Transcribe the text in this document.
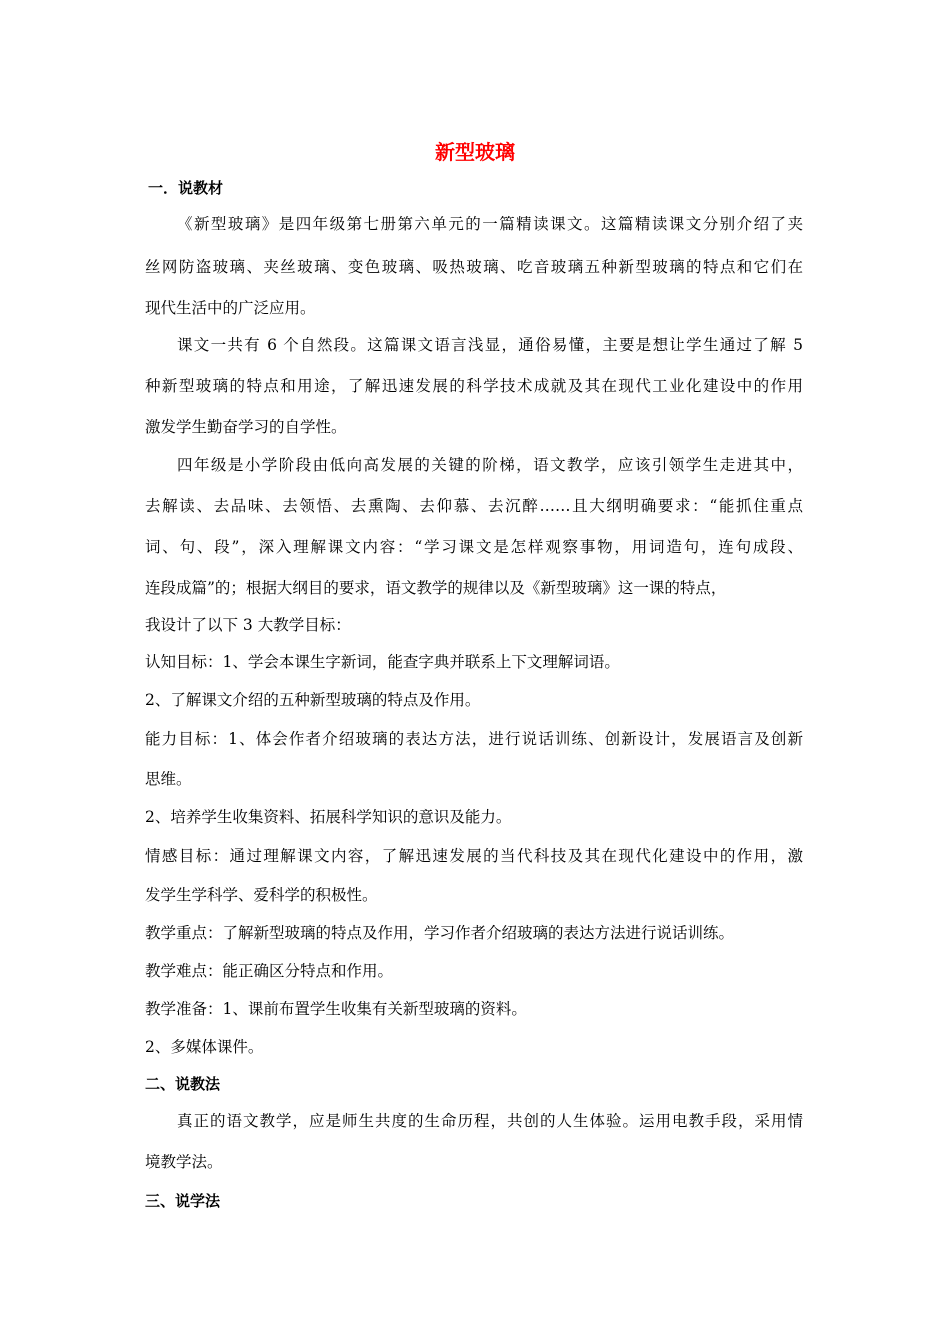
新型玻璃
一．说教材
《新型玻璃》是四年级第七册第六单元的一篇精读课文。这篇精读课文分别介绍了夹
丝网防盗玻璃、夹丝玻璃、变色玻璃、吸热玻璃、吃音玻璃五种新型玻璃的特点和它们在
现代生活中的广泛应用。
课文一共有 6 个自然段。这篇课文语言浅显，通俗易懂，主要是想让学生通过了解 5
种新型玻璃的特点和用途，了解迅速发展的科学技术成就及其在现代工业化建设中的作用
激发学生勤奋学习的自学性。
四年级是小学阶段由低向高发展的关键的阶梯，语文教学，应该引领学生走进其中，
去解读、去品味、去领悟、去熏陶、去仰慕、去沉醉……且大纲明确要求：“能抓住重点
词、句、段”，深入理解课文内容：“学习课文是怎样观察事物，用词造句，连句成段、
连段成篇”的；根据大纲目的要求，语文教学的规律以及《新型玻璃》这一课的特点，
我设计了以下 3 大教学目标：
认知目标：1、学会本课生字新词，能查字典并联系上下文理解词语。
2、了解课文介绍的五种新型玻璃的特点及作用。
能力目标：1、体会作者介绍玻璃的表达方法，进行说话训练、创新设计，发展语言及创新
思维。
2、培养学生收集资料、拓展科学知识的意识及能力。
情感目标：通过理解课文内容，了解迅速发展的当代科技及其在现代化建设中的作用，激
发学生学科学、爱科学的积极性。
教学重点：了解新型玻璃的特点及作用，学习作者介绍玻璃的表达方法进行说话训练。
教学难点：能正确区分特点和作用。
教学准备：1、课前布置学生收集有关新型玻璃的资料。
2、多媒体课件。
二、说教法
真正的语文教学，应是师生共度的生命历程，共创的人生体验。运用电教手段，采用情
境教学法。
三、说学法
